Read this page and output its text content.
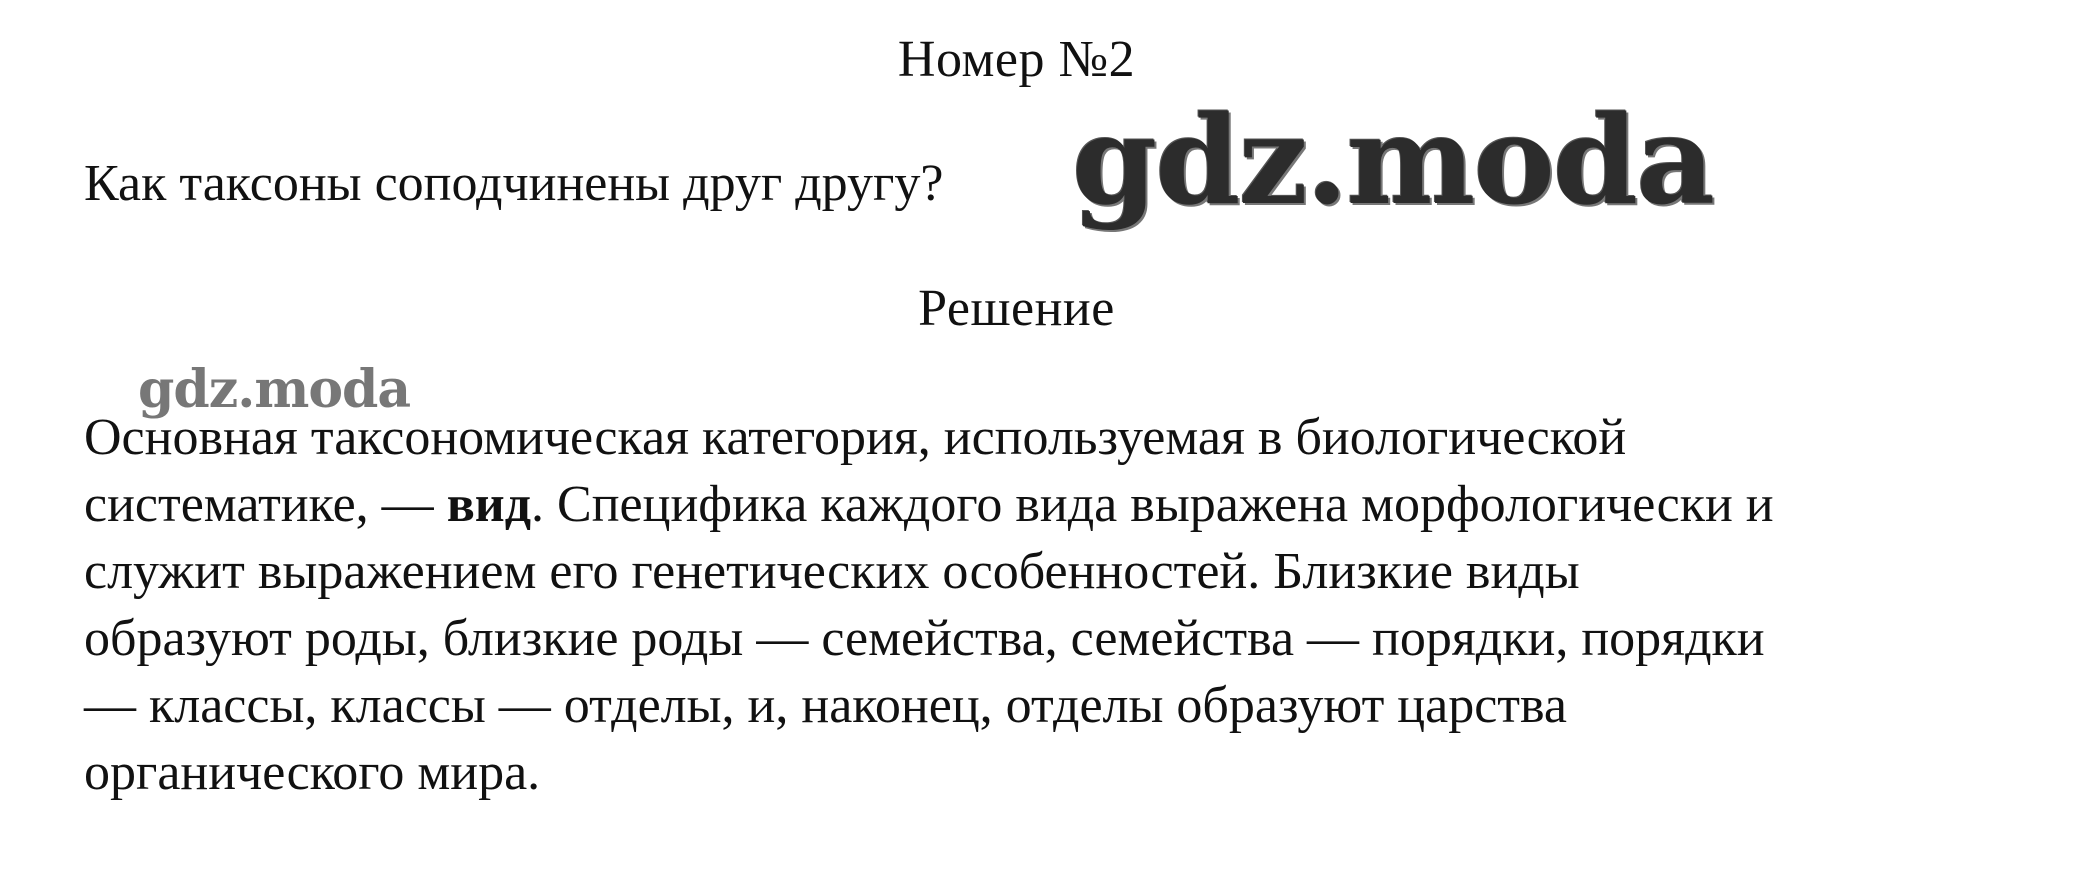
Номер №2
Как таксоны соподчинены друг другу? gdz.moda
Решение
gdz.moda
Основная таксономическая категория, используемая в биологической
систематике, — вид. Специфика каждого вида выражена морфологически и
служит выражением его генетических особенностей. Близкие виды
образуют роды, близкие роды — семейства, семейства — порядки, порядки
— классы, классы — отделы, и, наконец, отделы образуют царства
органического мира.
